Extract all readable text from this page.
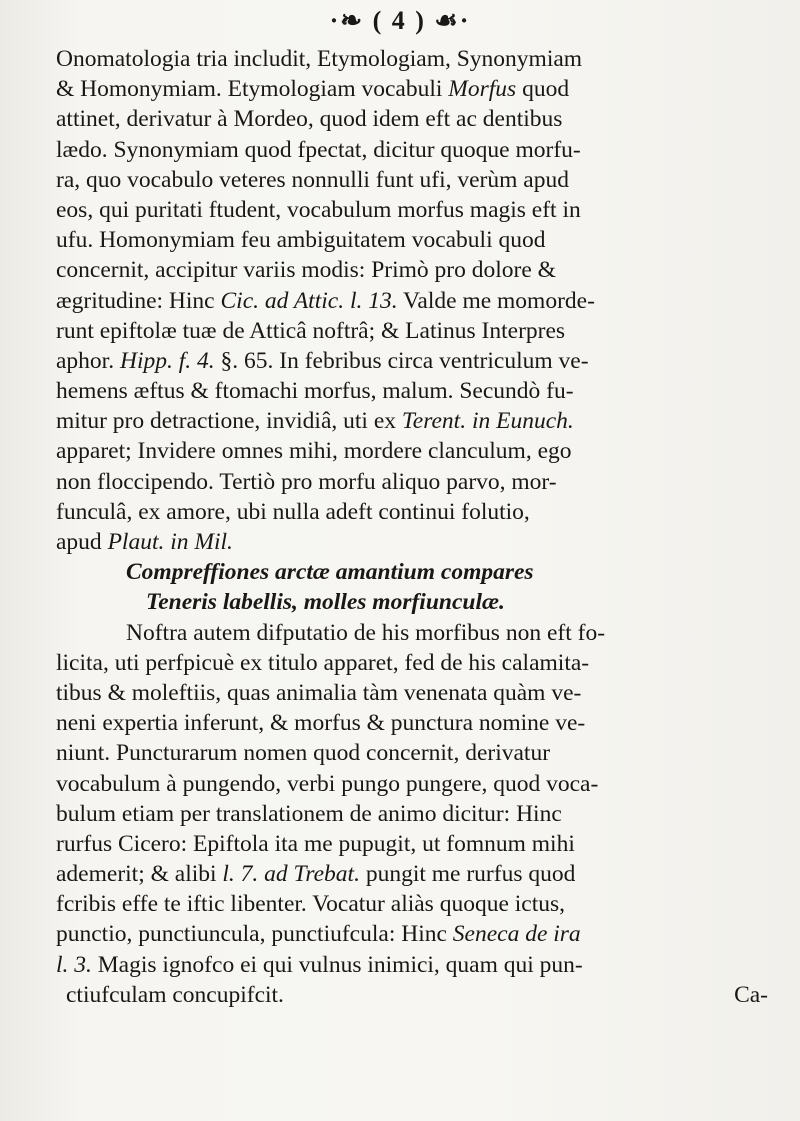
·❧ ( 4 ) ☙·
Onomatologia tria includit, Etymologiam, Synonymiam
& Homonymiam. Etymologiam vocabuli Morfus quod
attinet, derivatur à Mordeo, quod idem eft ac dentibus
lædo. Synonymiam quod fpectat, dicitur quoque morfu-
ra, quo vocabulo veteres nonnulli funt ufi, verùm apud
eos, qui puritati ftudent, vocabulum morfus magis eft in
ufu. Homonymiam feu ambiguitatem vocabuli quod
concernit, accipitur variis modis: Primò pro dolore &
ægritudine: Hinc Cic. ad Attic. l. 13. Valde me momorde-
runt epiftolæ tuæ de Atticâ noftrâ; & Latinus Interpres
aphor. Hipp. f. 4. §. 65. In febribus circa ventriculum ve-
hemens æftus & ftomachi morfus, malum. Secundò fu-
mitur pro detractione, invidiâ, uti ex Terent. in Eunuch.
apparet; Invidere omnes mihi, mordere clanculum, ego
non floccipendo. Tertiò pro morfu aliquo parvo, mor-
funculâ, ex amore, ubi nulla adeft continui folutio,
apud Plaut. in Mil.
Compreffiones arctæ amantium compares
Teneris labellis, molles morfiunculæ.
Noftra autem difputatio de his morfibus non eft fo-
licita, uti perfpicuè ex titulo apparet, fed de his calamita-
tibus & moleftiis, quas animalia tàm venenata quàm ve-
neni expertia inferunt, & morfus & punctura nomine ve-
niunt. Puncturarum nomen quod concernit, derivatur
vocabulum à pungendo, verbi pungo pungere, quod voca-
bulum etiam per translationem de animo dicitur: Hinc
rurfus Cicero: Epiftola ita me pupugit, ut fomnum mihi
ademerit; & alibi l. 7. ad Trebat. pungit me rurfus quod
fcribis effe te iftic libenter. Vocatur aliàs quoque ictus,
punctio, punctiuncula, punctiufcula: Hinc Seneca de ira
l. 3. Magis ignofco ei qui vulnus inimici, quam qui pun-
ctiufculam concupifcit.	Ca-
